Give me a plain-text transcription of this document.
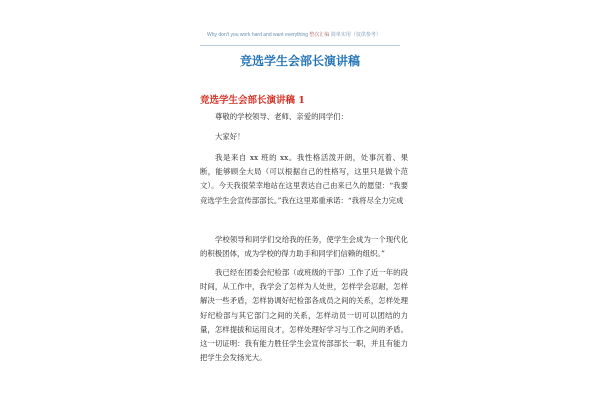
Why don't you work hard and want everything 整次汇编 简单实用（仅供参考）
竞选学生会部长演讲稿
竞选学生会部长演讲稿 1

尊敬的学校领导、老师、亲爱的同学们：

大家好！

我是来自 xx 班的 xx。我性格活泼开朗，处事沉着、果断，能够顾全大局（可以根据自己的性格写，这里只是做个范文）。今天我很荣幸地站在这里表达自己由来已久的愿望：“我要竞选学生会宣传部部长。”我在这里郑重承诺：“我将尽全力完成

学校领导和同学们交给我的任务，使学生会成为一个现代化的积极团体，成为学校的得力助手和同学们信赖的组织。”

我已经在团委会纪检部（或班级的干部）工作了近一年的段时间，从工作中，我学会了怎样为人处世，怎样学会忍耐，怎样解决一些矛盾，怎样协调好纪检部各成员之间的关系，怎样处理好纪检部与其它部门之间的关系，怎样动员一切可以团结的力量，怎样提拔和运用良才，怎样处理好学习与工作之间的矛盾。这一切证明：我有能力胜任学生会宣传部部长一职，并且有能力把学生会发扬光大。
